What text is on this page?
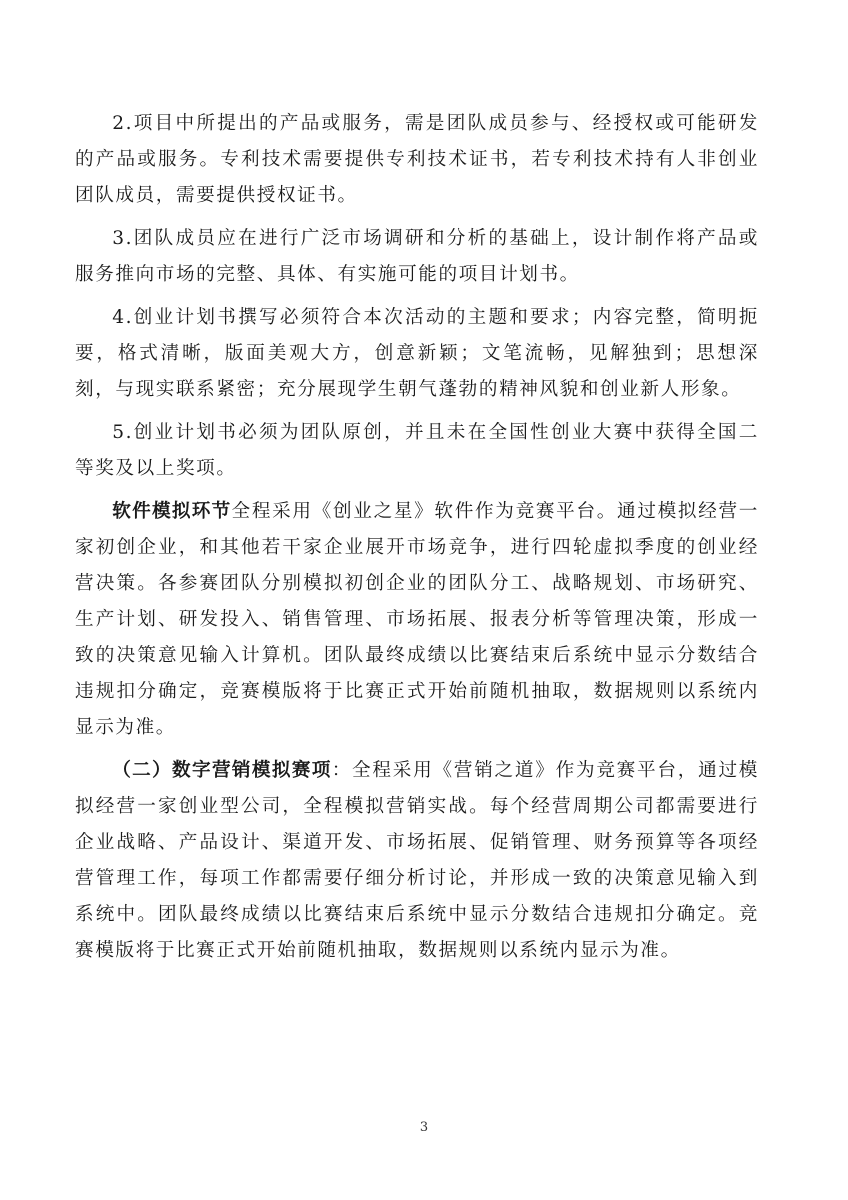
2.项目中所提出的产品或服务，需是团队成员参与、经授权或可能研发的产品或服务。专利技术需要提供专利技术证书，若专利技术持有人非创业团队成员，需要提供授权证书。

3.团队成员应在进行广泛市场调研和分析的基础上，设计制作将产品或服务推向市场的完整、具体、有实施可能的项目计划书。

4.创业计划书撰写必须符合本次活动的主题和要求；内容完整，简明扼要，格式清晰，版面美观大方，创意新颖；文笔流畅，见解独到；思想深刻，与现实联系紧密；充分展现学生朝气蓬勃的精神风貌和创业新人形象。

5.创业计划书必须为团队原创，并且未在全国性创业大赛中获得全国二等奖及以上奖项。

软件模拟环节全程采用《创业之星》软件作为竞赛平台。通过模拟经营一家初创企业，和其他若干家企业展开市场竞争，进行四轮虚拟季度的创业经营决策。各参赛团队分别模拟初创企业的团队分工、战略规划、市场研究、生产计划、研发投入、销售管理、市场拓展、报表分析等管理决策，形成一致的决策意见输入计算机。团队最终成绩以比赛结束后系统中显示分数结合违规扣分确定，竞赛模版将于比赛正式开始前随机抽取，数据规则以系统内显示为准。

（二）数字营销模拟赛项：全程采用《营销之道》作为竞赛平台，通过模拟经营一家创业型公司，全程模拟营销实战。每个经营周期公司都需要进行企业战略、产品设计、渠道开发、市场拓展、促销管理、财务预算等各项经营管理工作，每项工作都需要仔细分析讨论，并形成一致的决策意见输入到系统中。团队最终成绩以比赛结束后系统中显示分数结合违规扣分确定。竞赛模版将于比赛正式开始前随机抽取，数据规则以系统内显示为准。

3
